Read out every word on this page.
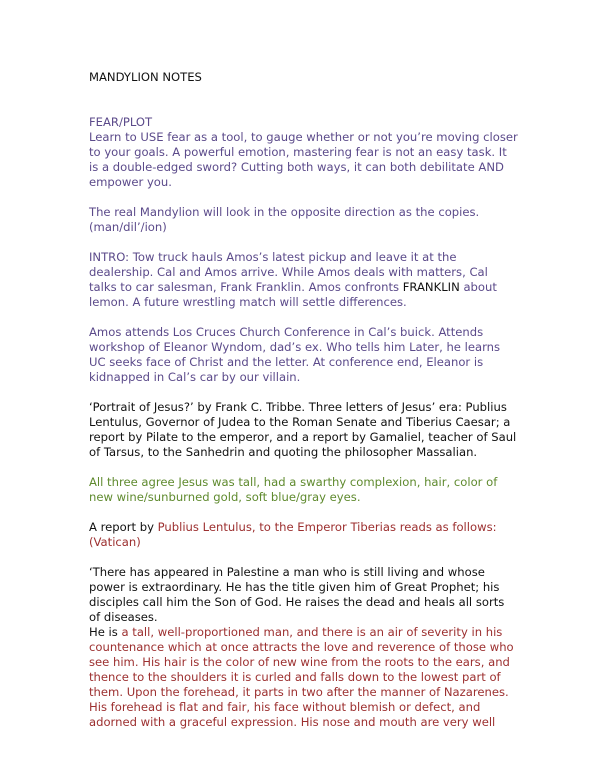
MANDYLION NOTES

FEAR/PLOT

Learn to USE fear as a tool, to gauge whether or not you’re moving closer to your goals. A powerful emotion, mastering fear is not an easy task. It is a double-edged sword? Cutting both ways, it can both debilitate AND empower you.

The real Mandylion will look in the opposite direction as the copies. (man/dil’/ion)

INTRO: Tow truck hauls Amos’s latest pickup and leave it at the dealership. Cal and Amos arrive. While Amos deals with matters, Cal talks to car salesman, Frank Franklin. Amos confronts FRANKLIN about lemon. A future wrestling match will settle differences.

Amos attends Los Cruces Church Conference in Cal’s buick. Attends workshop of Eleanor Wyndom, dad’s ex. Who tells him Later, he learns UC seeks face of Christ and the letter. At conference end, Eleanor is kidnapped in Cal’s car by our villain.

‘Portrait of Jesus?’ by Frank C. Tribbe. Three letters of Jesus’ era: Publius Lentulus, Governor of Judea to the Roman Senate and Tiberius Caesar; a report by Pilate to the emperor, and a report by Gamaliel, teacher of Saul of Tarsus, to the Sanhedrin and quoting the philosopher Massalian.

All three agree Jesus was tall, had a swarthy complexion, hair, color of new wine/sunburned gold, soft blue/gray eyes.

A report by Publius Lentulus, to the Emperor Tiberias reads as follows: (Vatican)

‘There has appeared in Palestine a man who is still living and whose power is extraordinary. He has the title given him of Great Prophet; his disciples call him the Son of God. He raises the dead and heals all sorts of diseases.

He is a tall, well-proportioned man, and there is an air of severity in his countenance which at once attracts the love and reverence of those who see him. His hair is the color of new wine from the roots to the ears, and thence to the shoulders it is curled and falls down to the lowest part of them. Upon the forehead, it parts in two after the manner of Nazarenes.

His forehead is flat and fair, his face without blemish or defect, and adorned with a graceful expression. His nose and mouth are very well
